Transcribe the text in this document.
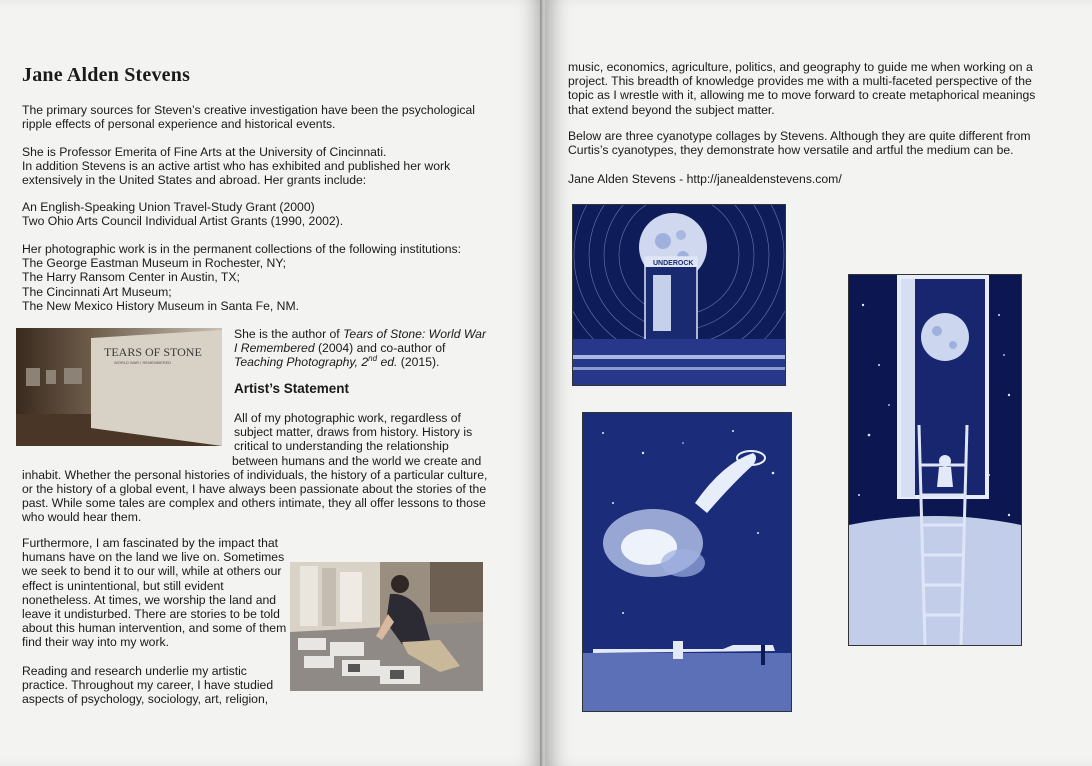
Jane Alden Stevens

The primary sources for Steven’s creative investigation have been the psychological
ripple effects of personal experience and historical events.

She is Professor Emerita of Fine Arts at the University of Cincinnati.
In addition Stevens is an active artist who has exhibited and published her work
extensively in the United States and abroad. Her grants include:

An English-Speaking Union Travel-Study Grant (2000)
Two Ohio Arts Council Individual Artist Grants (1990, 2002).

Her photographic work is in the permanent collections of the following institutions:
The George Eastman Museum in Rochester, NY;
The Harry Ransom Center in Austin, TX;
The Cincinnati Art Museum;
The New Mexico History Museum in Santa Fe, NM.

TEARS OF STONE
WORLD WAR I REMEMBERED

She is the author of Tears of Stone: World War
I Remembered (2004) and co-author of
Teaching Photography, 2nd ed. (2015).

Artist’s Statement

All of my photographic work, regardless of
subject matter, draws from history. History is
critical to understanding the relationship
between humans and the world we create and
inhabit. Whether the personal histories of individuals, the history of a particular culture,
or the history of a global event, I have always been passionate about the stories of the
past. While some tales are complex and others intimate, they all offer lessons to those
who would hear them.

Furthermore, I am fascinated by the impact that
humans have on the land we live on. Sometimes
we seek to bend it to our will, while at others our
effect is unintentional, but still evident
nonetheless. At times, we worship the land and
leave it undisturbed. There are stories to be told
about this human intervention, and some of them
find their way into my work.

Reading and research underlie my artistic
practice. Throughout my career, I have studied
aspects of psychology, sociology, art, religion,

music, economics, agriculture, politics, and geography to guide me when working on a
project. This breadth of knowledge provides me with a multi-faceted perspective of the
topic as I wrestle with it, allowing me to move forward to create metaphorical meanings
that extend beyond the subject matter.

Below are three cyanotype collages by Stevens. Although they are quite different from
Curtis’s cyanotypes, they demonstrate how versatile and artful the medium can be.

Jane Alden Stevens - http://janealdenstevens.com/

UNDEROCK
